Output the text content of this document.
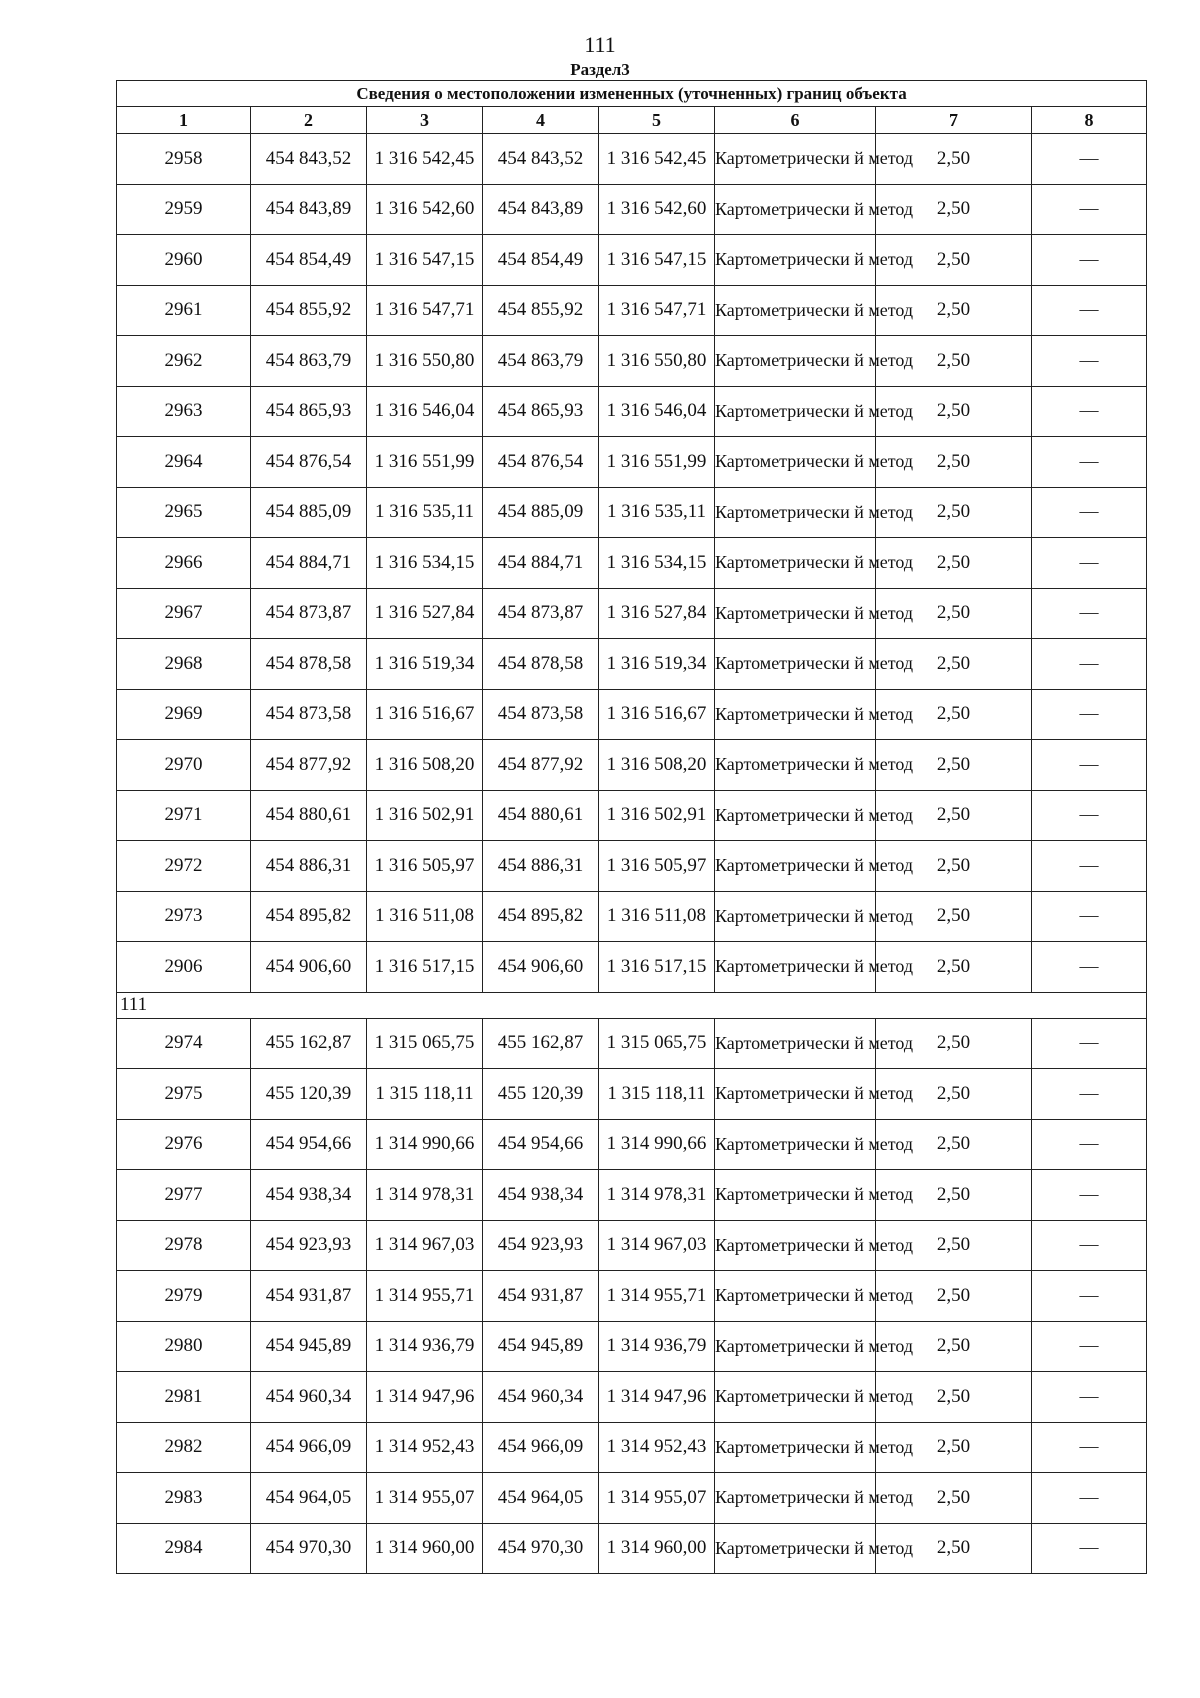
111
Раздел3
Сведения о местоположении измененных (уточненных) границ объекта							
1	2	3	4	5	6	7	8
2958	454 843,52	1 316 542,45	454 843,52	1 316 542,45	Картометрически й метод	2,50	—
2959	454 843,89	1 316 542,60	454 843,89	1 316 542,60	Картометрически й метод	2,50	—
2960	454 854,49	1 316 547,15	454 854,49	1 316 547,15	Картометрически й метод	2,50	—
2961	454 855,92	1 316 547,71	454 855,92	1 316 547,71	Картометрически й метод	2,50	—
2962	454 863,79	1 316 550,80	454 863,79	1 316 550,80	Картометрически й метод	2,50	—
2963	454 865,93	1 316 546,04	454 865,93	1 316 546,04	Картометрически й метод	2,50	—
2964	454 876,54	1 316 551,99	454 876,54	1 316 551,99	Картометрически й метод	2,50	—
2965	454 885,09	1 316 535,11	454 885,09	1 316 535,11	Картометрически й метод	2,50	—
2966	454 884,71	1 316 534,15	454 884,71	1 316 534,15	Картометрически й метод	2,50	—
2967	454 873,87	1 316 527,84	454 873,87	1 316 527,84	Картометрически й метод	2,50	—
2968	454 878,58	1 316 519,34	454 878,58	1 316 519,34	Картометрически й метод	2,50	—
2969	454 873,58	1 316 516,67	454 873,58	1 316 516,67	Картометрически й метод	2,50	—
2970	454 877,92	1 316 508,20	454 877,92	1 316 508,20	Картометрически й метод	2,50	—
2971	454 880,61	1 316 502,91	454 880,61	1 316 502,91	Картометрически й метод	2,50	—
2972	454 886,31	1 316 505,97	454 886,31	1 316 505,97	Картометрически й метод	2,50	—
2973	454 895,82	1 316 511,08	454 895,82	1 316 511,08	Картометрически й метод	2,50	—
2906	454 906,60	1 316 517,15	454 906,60	1 316 517,15	Картометрически й метод	2,50	—
111							
2974	455 162,87	1 315 065,75	455 162,87	1 315 065,75	Картометрически й метод	2,50	—
2975	455 120,39	1 315 118,11	455 120,39	1 315 118,11	Картометрически й метод	2,50	—
2976	454 954,66	1 314 990,66	454 954,66	1 314 990,66	Картометрически й метод	2,50	—
2977	454 938,34	1 314 978,31	454 938,34	1 314 978,31	Картометрически й метод	2,50	—
2978	454 923,93	1 314 967,03	454 923,93	1 314 967,03	Картометрически й метод	2,50	—
2979	454 931,87	1 314 955,71	454 931,87	1 314 955,71	Картометрически й метод	2,50	—
2980	454 945,89	1 314 936,79	454 945,89	1 314 936,79	Картометрически й метод	2,50	—
2981	454 960,34	1 314 947,96	454 960,34	1 314 947,96	Картометрически й метод	2,50	—
2982	454 966,09	1 314 952,43	454 966,09	1 314 952,43	Картометрически й метод	2,50	—
2983	454 964,05	1 314 955,07	454 964,05	1 314 955,07	Картометрически й метод	2,50	—
2984	454 970,30	1 314 960,00	454 970,30	1 314 960,00	Картометрически й метод	2,50	—
